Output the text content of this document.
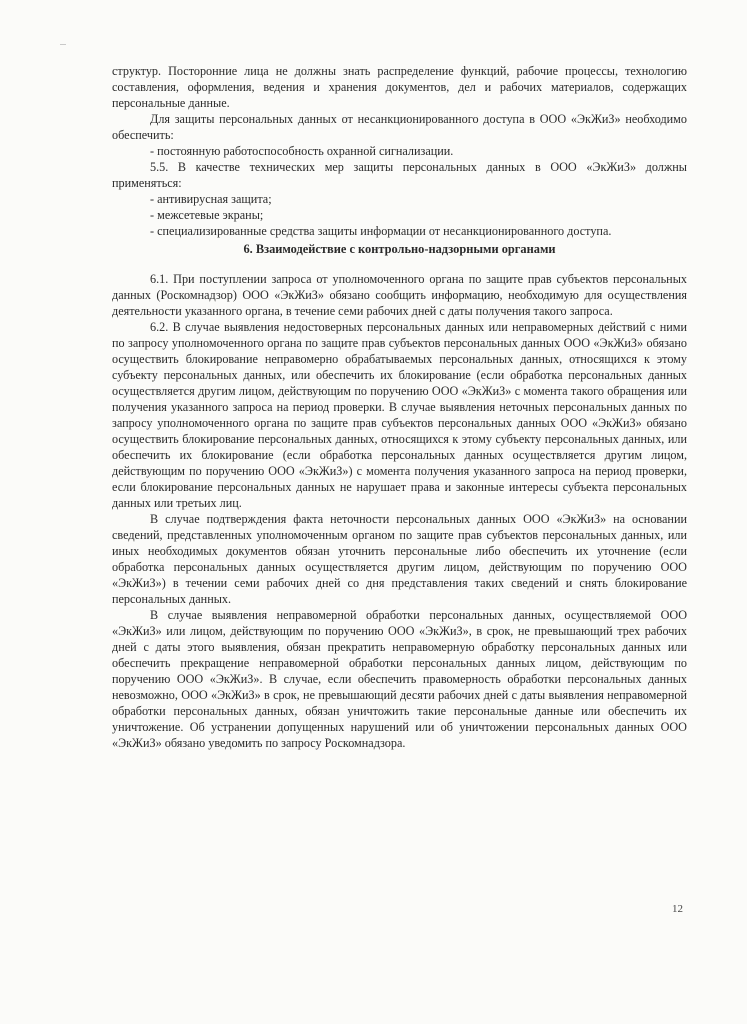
структур. Посторонние лица не должны знать распределение функций, рабочие процессы, технологию составления, оформления, ведения и хранения документов, дел и рабочих материалов, содержащих персональные данные.

Для защиты персональных данных от несанкционированного доступа в ООО «ЭкЖиЗ» необходимо обеспечить:

- постоянную работоспособность охранной сигнализации.

5.5. В качестве технических мер защиты персональных данных в ООО «ЭкЖиЗ» должны применяться:

- антивирусная защита;

- межсетевые экраны;

- специализированные средства защиты информации от несанкционированного доступа.

6. Взаимодействие с контрольно-надзорными органами

6.1. При поступлении запроса от уполномоченного органа по защите прав субъектов персональных данных (Роскомнадзор) ООО «ЭкЖиЗ» обязано сообщить информацию, необходимую для осуществления деятельности указанного органа, в течение семи рабочих дней с даты получения такого запроса.

6.2. В случае выявления недостоверных персональных данных или неправомерных действий с ними по запросу уполномоченного органа по защите прав субъектов персональных данных ООО «ЭкЖиЗ» обязано осуществить блокирование неправомерно обрабатываемых персональных данных, относящихся к этому субъекту персональных данных, или обеспечить их блокирование (если обработка персональных данных осуществляется другим лицом, действующим по поручению ООО «ЭкЖиЗ» с момента такого обращения или получения указанного запроса на период проверки. В случае выявления неточных персональных данных по запросу уполномоченного органа по защите прав субъектов персональных данных ООО «ЭкЖиЗ» обязано осуществить блокирование персональных данных, относящихся к этому субъекту персональных данных, или обеспечить их блокирование (если обработка персональных данных осуществляется другим лицом, действующим по поручению ООО «ЭкЖиЗ») с момента получения указанного запроса на период проверки, если блокирование персональных данных не нарушает права и законные интересы субъекта персональных данных или третьих лиц.

В случае подтверждения факта неточности персональных данных ООО «ЭкЖиЗ» на основании сведений, представленных уполномоченным органом по защите прав субъектов персональных данных, или иных необходимых документов обязан уточнить персональные либо обеспечить их уточнение (если обработка персональных данных осуществляется другим лицом, действующим по поручению ООО «ЭкЖиЗ») в течении семи рабочих дней со дня представления таких сведений и снять блокирование персональных данных.

В случае выявления неправомерной обработки персональных данных, осуществляемой ООО «ЭкЖиЗ» или лицом, действующим по поручению ООО «ЭкЖиЗ», в срок, не превышающий трех рабочих дней с даты этого выявления, обязан прекратить неправомерную обработку персональных данных или обеспечить прекращение неправомерной обработки персональных данных лицом, действующим по поручению ООО «ЭкЖиЗ». В случае, если обеспечить правомерность обработки персональных данных невозможно, ООО «ЭкЖиЗ» в срок, не превышающий десяти рабочих дней с даты выявления неправомерной обработки персональных данных, обязан уничтожить такие персональные данные или обеспечить их уничтожение. Об устранении допущенных нарушений или об уничтожении персональных данных ООО «ЭкЖиЗ» обязано уведомить по запросу Роскомнадзора.

12
